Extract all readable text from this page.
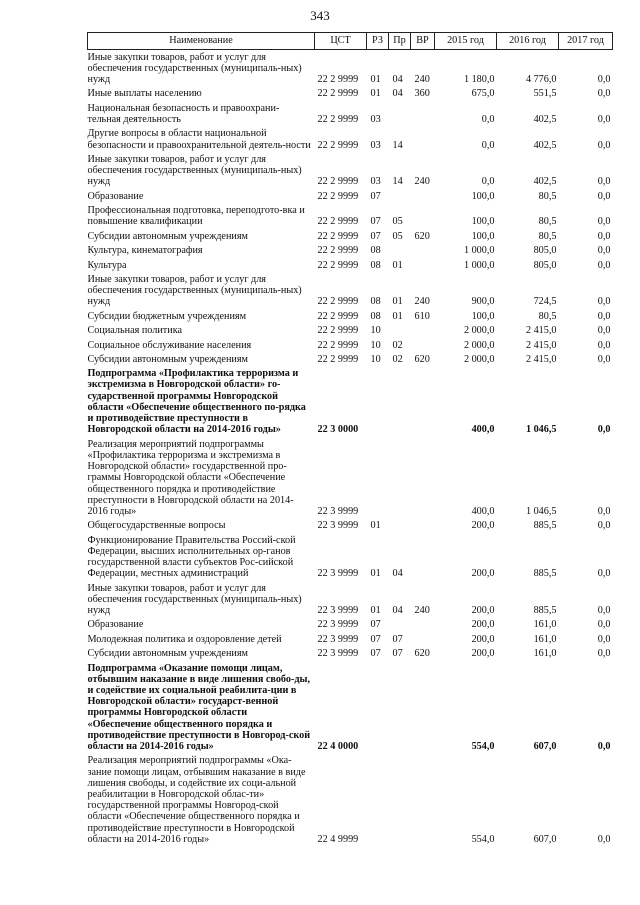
343
Наименование	ЦСТ	РЗ	Пр	ВР	2015 год	2016 год	2017 год
Иные закупки товаров, работ и услуг для обеспечения государственных (муниципаль-ных) нужд	22 2 9999	01	04	240	1 180,0	4 776,0	0,0
Иные выплаты населению	22 2 9999	01	04	360	675,0	551,5	0,0
Национальная безопасность и правоохрани-тельная деятельность	22 2 9999	03			0,0	402,5	0,0
Другие вопросы в области национальной безопасности и правоохранительной деятель-ности	22 2 9999	03	14		0,0	402,5	0,0
Иные закупки товаров, работ и услуг для обеспечения государственных (муниципаль-ных) нужд	22 2 9999	03	14	240	0,0	402,5	0,0
Образование	22 2 9999	07			100,0	80,5	0,0
Профессиональная подготовка, переподгото-вка и повышение квалификации	22 2 9999	07	05		100,0	80,5	0,0
Субсидии автономным учреждениям	22 2 9999	07	05	620	100,0	80,5	0,0
Культура, кинематография	22 2 9999	08			1 000,0	805,0	0,0
Культура	22 2 9999	08	01		1 000,0	805,0	0,0
Иные закупки товаров, работ и услуг для обеспечения государственных (муниципаль-ных) нужд	22 2 9999	08	01	240	900,0	724,5	0,0
Субсидии бюджетным учреждениям	22 2 9999	08	01	610	100,0	80,5	0,0
Социальная политика	22 2 9999	10			2 000,0	2 415,0	0,0
Социальное обслуживание населения	22 2 9999	10	02		2 000,0	2 415,0	0,0
Субсидии автономным учреждениям	22 2 9999	10	02	620	2 000,0	2 415,0	0,0
Подпрограмма «Профилактика терроризма и экстремизма в Новгородской области» го-сударственной программы Новгородской области «Обеспечение общественного по-рядка и противодействие преступности в Новгородской области на 2014-2016 годы»	22 3 0000				400,0	1 046,5	0,0
Реализация мероприятий подпрограммы «Профилактика терроризма и экстремизма в Новгородской области» государственной про-граммы Новгородской области «Обеспечение общественного порядка и противодействие преступности в Новгородской области на 2014-2016 годы»	22 3 9999				400,0	1 046,5	0,0
Общегосударственные вопросы	22 3 9999	01			200,0	885,5	0,0
Функционирование Правительства Россий-ской Федерации, высших исполнительных ор-ганов государственной власти субъектов Рос-сийской Федерации, местных администраций	22 3 9999	01	04		200,0	885,5	0,0
Иные закупки товаров, работ и услуг для обеспечения государственных (муниципаль-ных) нужд	22 3 9999	01	04	240	200,0	885,5	0,0
Образование	22 3 9999	07			200,0	161,0	0,0
Молодежная политика и оздоровление детей	22 3 9999	07	07		200,0	161,0	0,0
Субсидии автономным учреждениям	22 3 9999	07	07	620	200,0	161,0	0,0
Подпрограмма «Оказание помощи лицам, отбывшим наказание в виде лишения свобо-ды, и содействие их социальной реабилита-ции в Новгородской области» государст-венной программы Новгородской области «Обеспечение общественного порядка и противодействие преступности в Новгород-ской области на 2014-2016 годы»	22 4 0000				554,0	607,0	0,0
Реализация мероприятий подпрограммы «Ока-зание помощи лицам, отбывшим наказание в виде лишения свободы, и содействие их соци-альной реабилитации в Новгородской облас-ти» государственной программы Новгород-ской области «Обеспечение общественного порядка и противодействие преступности в Новгородской области на 2014-2016 годы»	22 4 9999				554,0	607,0	0,0
